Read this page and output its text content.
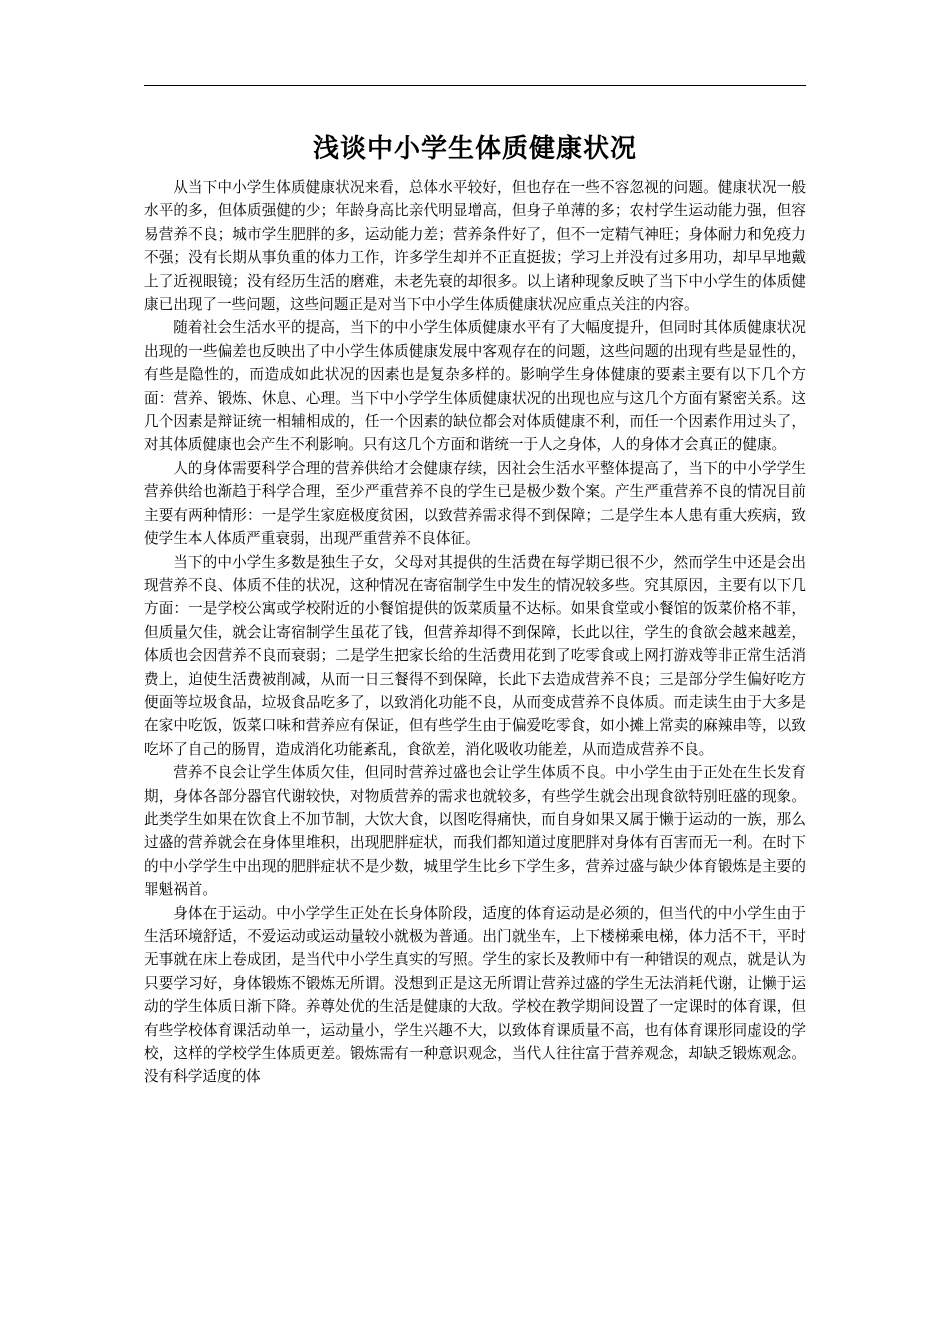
浅谈中小学生体质健康状况

从当下中小学生体质健康状况来看，总体水平较好，但也存在一些不容忽视的问题。健康状况一般水平的多，但体质强健的少；年龄身高比亲代明显增高，但身子单薄的多；农村学生运动能力强，但容易营养不良；城市学生肥胖的多，运动能力差；营养条件好了，但不一定精气神旺；身体耐力和免疫力不强；没有长期从事负重的体力工作，许多学生却并不正直挺拔；学习上并没有过多用功，却早早地戴上了近视眼镜；没有经历生活的磨难，未老先衰的却很多。以上诸种现象反映了当下中小学生的体质健康已出现了一些问题，这些问题正是对当下中小学生体质健康状况应重点关注的内容。

随着社会生活水平的提高，当下的中小学生体质健康水平有了大幅度提升，但同时其体质健康状况出现的一些偏差也反映出了中小学生体质健康发展中客观存在的问题，这些问题的出现有些是显性的，有些是隐性的，而造成如此状况的因素也是复杂多样的。影响学生身体健康的要素主要有以下几个方面：营养、锻炼、休息、心理。当下中小学学生体质健康状况的出现也应与这几个方面有紧密关系。这几个因素是辩证统一相辅相成的，任一个因素的缺位都会对体质健康不利，而任一个因素作用过头了，对其体质健康也会产生不利影响。只有这几个方面和谐统一于人之身体，人的身体才会真正的健康。

人的身体需要科学合理的营养供给才会健康存续，因社会生活水平整体提高了，当下的中小学学生营养供给也渐趋于科学合理，至少严重营养不良的学生已是极少数个案。产生严重营养不良的情况目前主要有两种情形：一是学生家庭极度贫困，以致营养需求得不到保障；二是学生本人患有重大疾病，致使学生本人体质严重衰弱，出现严重营养不良体征。

当下的中小学生多数是独生子女，父母对其提供的生活费在每学期已很不少，然而学生中还是会出现营养不良、体质不佳的状况，这种情况在寄宿制学生中发生的情况较多些。究其原因，主要有以下几方面：一是学校公寓或学校附近的小餐馆提供的饭菜质量不达标。如果食堂或小餐馆的饭菜价格不菲，但质量欠佳，就会让寄宿制学生虽花了钱，但营养却得不到保障，长此以往，学生的食欲会越来越差，体质也会因营养不良而衰弱；二是学生把家长给的生活费用花到了吃零食或上网打游戏等非正常生活消费上，迫使生活费被削减，从而一日三餐得不到保障，长此下去造成营养不良；三是部分学生偏好吃方便面等垃圾食品，垃圾食品吃多了，以致消化功能不良，从而变成营养不良体质。而走读生由于大多是在家中吃饭，饭菜口味和营养应有保证，但有些学生由于偏爱吃零食，如小摊上常卖的麻辣串等，以致吃坏了自己的肠胃，造成消化功能紊乱，食欲差，消化吸收功能差，从而造成营养不良。

营养不良会让学生体质欠佳，但同时营养过盛也会让学生体质不良。中小学生由于正处在生长发育期，身体各部分器官代谢较快，对物质营养的需求也就较多，有些学生就会出现食欲特别旺盛的现象。此类学生如果在饮食上不加节制，大饮大食，以图吃得痛快，而自身如果又属于懒于运动的一族，那么过盛的营养就会在身体里堆积，出现肥胖症状，而我们都知道过度肥胖对身体有百害而无一利。在时下的中小学学生中出现的肥胖症状不是少数，城里学生比乡下学生多，营养过盛与缺少体育锻炼是主要的罪魁祸首。

身体在于运动。中小学学生正处在长身体阶段，适度的体育运动是必须的，但当代的中小学生由于生活环境舒适，不爱运动或运动量较小就极为普通。出门就坐车，上下楼梯乘电梯，体力活不干，平时无事就在床上卷成团，是当代中小学生真实的写照。学生的家长及教师中有一种错误的观点，就是认为只要学习好，身体锻炼不锻炼无所谓。没想到正是这无所谓让营养过盛的学生无法消耗代谢，让懒于运动的学生体质日渐下降。养尊处优的生活是健康的大敌。学校在教学期间设置了一定课时的体育课，但有些学校体育课活动单一，运动量小，学生兴趣不大，以致体育课质量不高，也有体育课形同虚设的学校，这样的学校学生体质更差。锻炼需有一种意识观念，当代人往往富于营养观念，却缺乏锻炼观念。没有科学适度的体
